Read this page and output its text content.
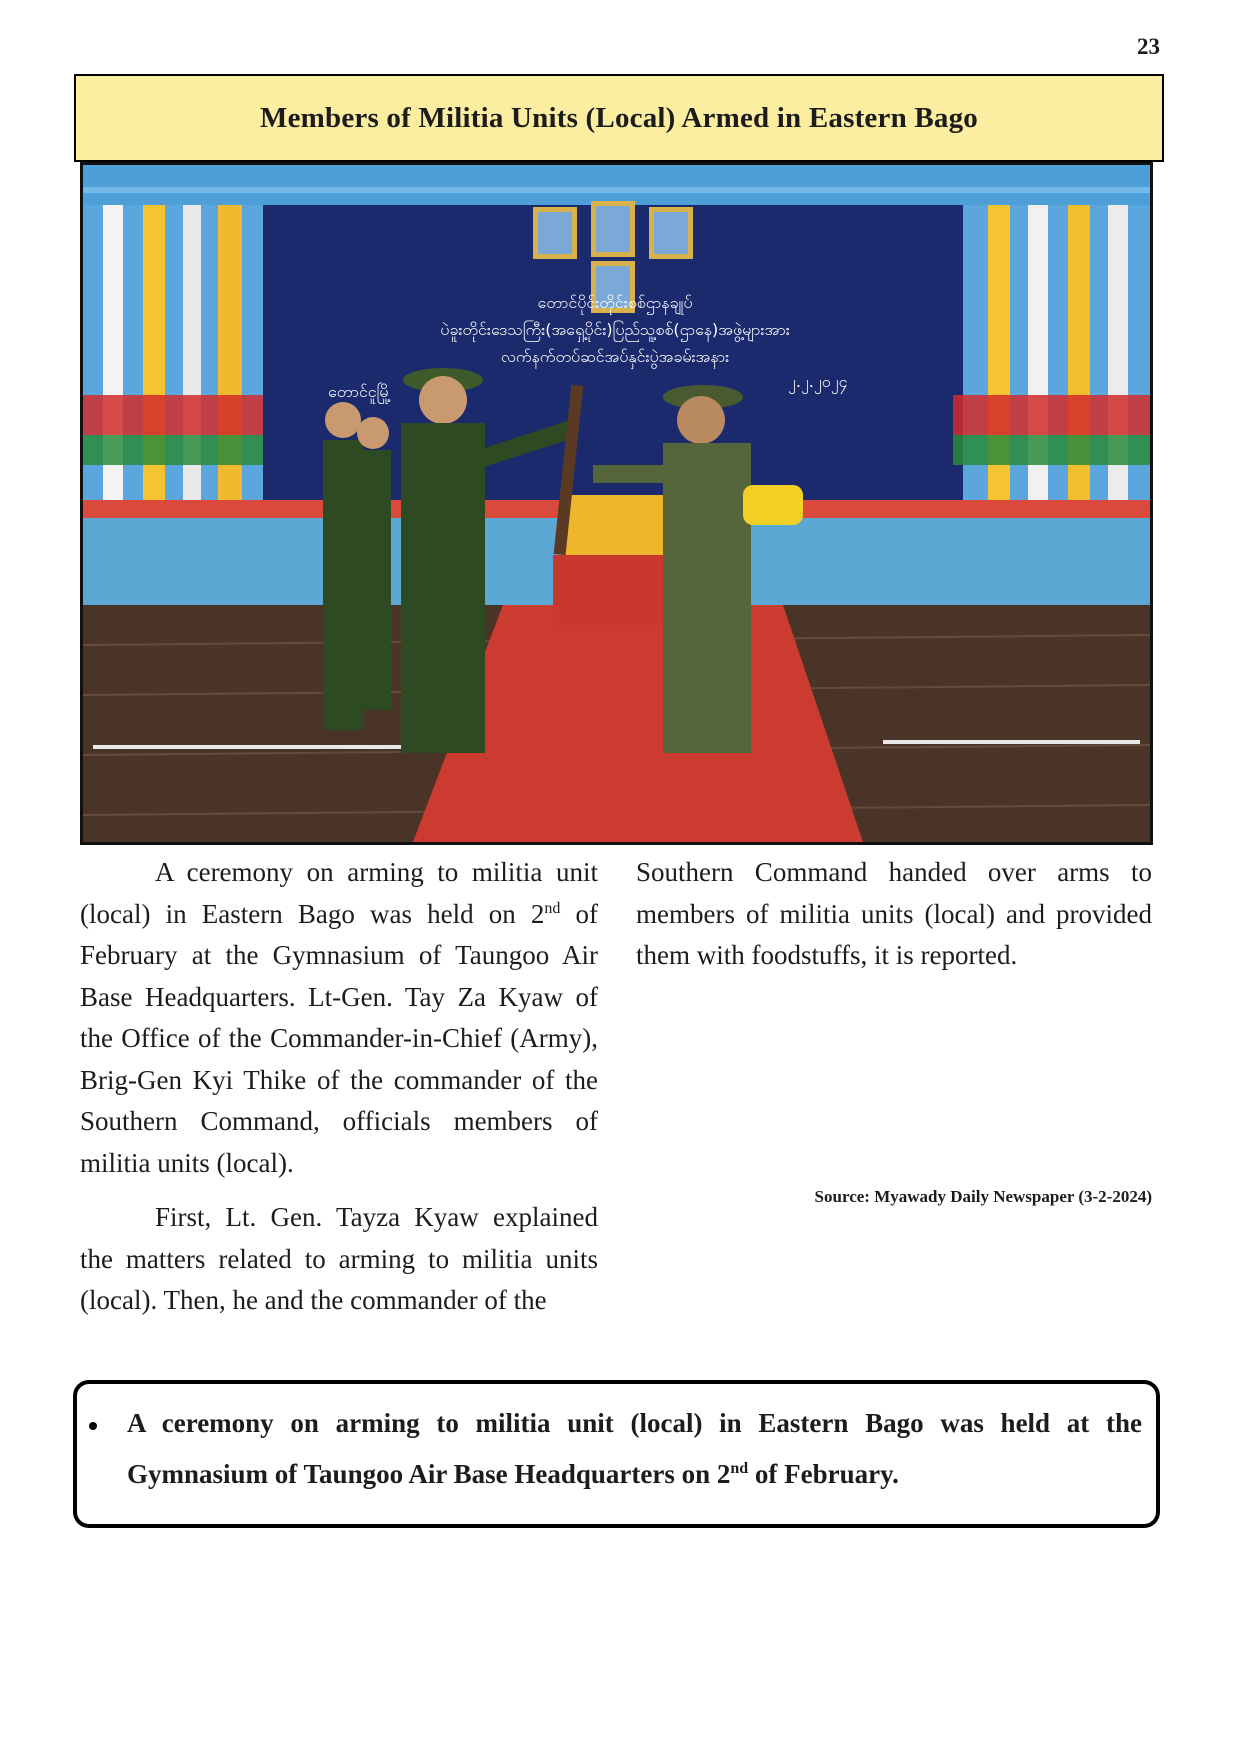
23
Members of Militia Units (Local) Armed in Eastern Bago
တောင်ပိုင်းတိုင်းစစ်ဌာနချုပ်
ပဲခူးတိုင်းဒေသကြီး(အရှေ့ပိုင်း)ပြည်သူ့စစ်(ဌာနေ)အဖွဲ့များအား
လက်နက်တပ်ဆင်အပ်နှင်းပွဲအခမ်းအနား
၂.၂.၂၀၂၄
တောင်ငူမြို့

A ceremony on arming to militia unit (local) in Eastern Bago was held on 2nd of February at the Gymnasium of Taungoo Air Base Headquarters. Lt-Gen. Tay Za Kyaw of the Office of the Commander-in-Chief (Army), Brig-Gen Kyi Thike of the commander of the Southern Command, officials members of militia units (local).

First, Lt. Gen. Tayza Kyaw explained the matters related to arming to militia units (local). Then, he and the commander of the

Southern Command handed over arms to members of militia units (local) and provided them with foodstuffs, it is reported.

Source: Myawady Daily Newspaper (3-2-2024)
A ceremony on arming to militia unit (local) in Eastern Bago was held at the Gymnasium of Taungoo Air Base Headquarters on 2nd of February.
